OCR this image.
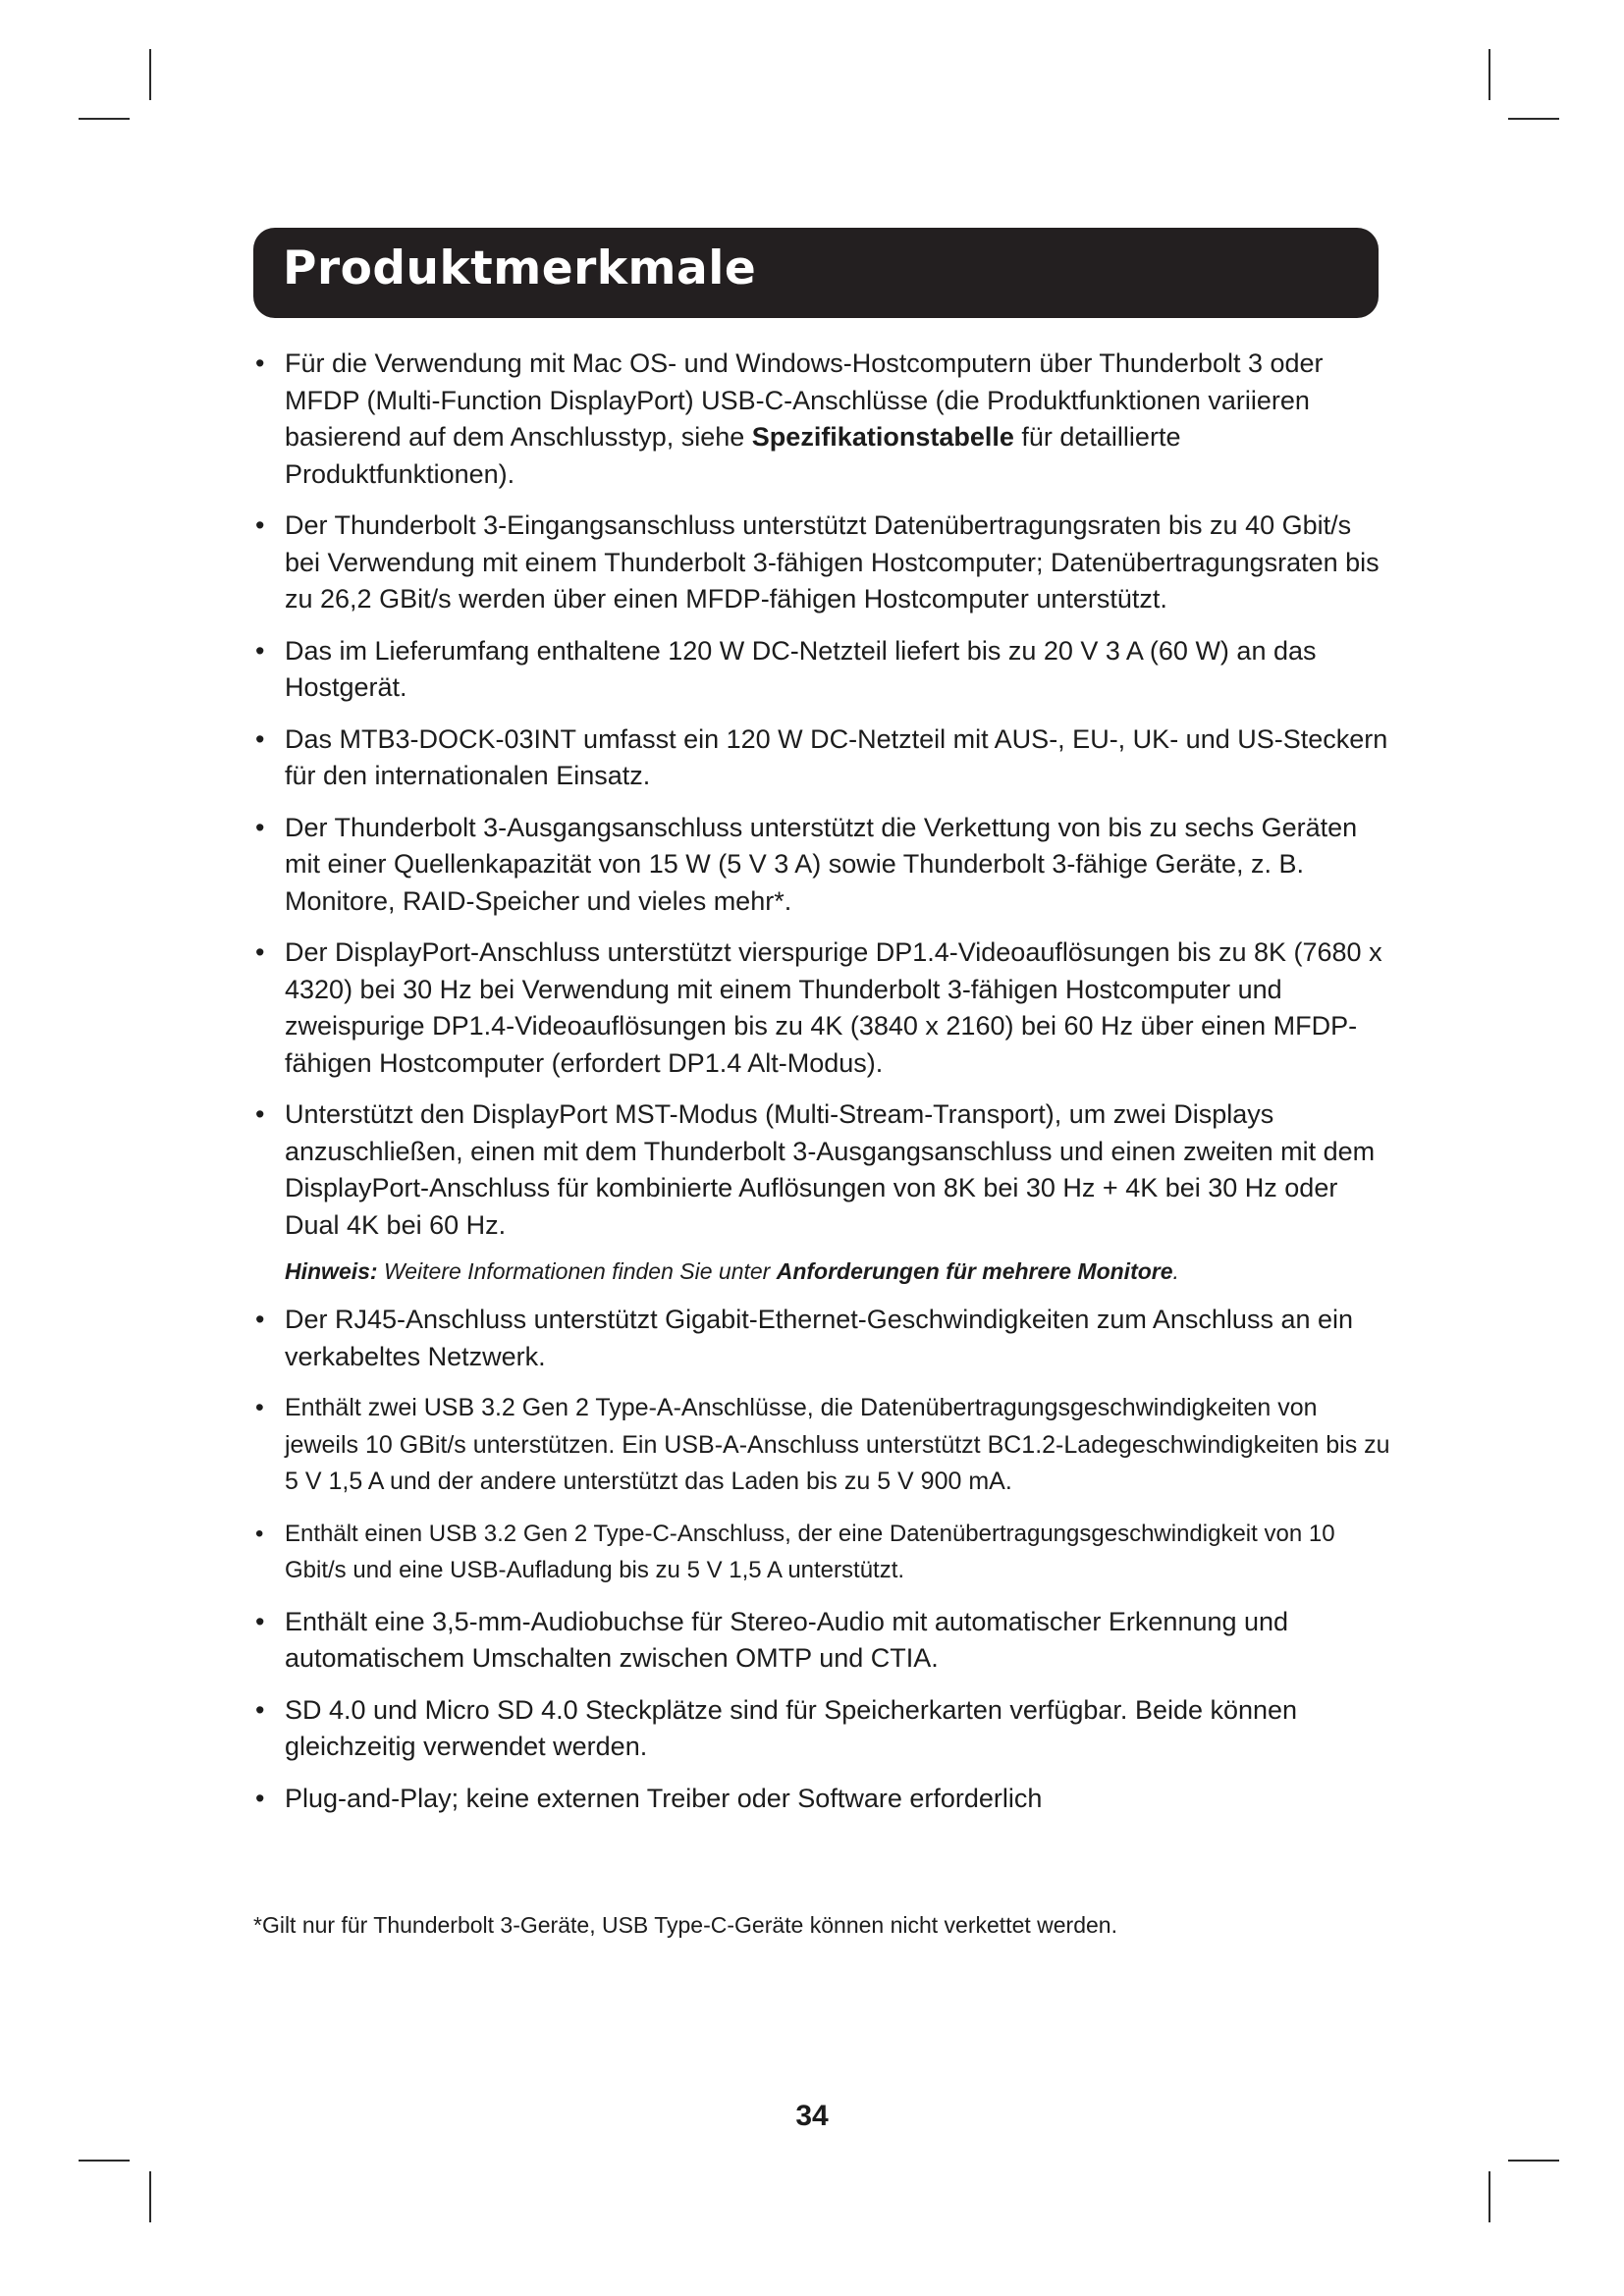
Produktmerkmale
• Für die Verwendung mit Mac OS- und Windows-Hostcomputern über Thunderbolt 3 oder MFDP (Multi-Function DisplayPort) USB-C-Anschlüsse (die Produktfunktionen variieren basierend auf dem Anschlusstyp, siehe Spezifikationstabelle für detaillierte Produktfunktionen).
• Der Thunderbolt 3-Eingangsanschluss unterstützt Datenübertragungsraten bis zu 40 Gbit/s bei Verwendung mit einem Thunderbolt 3-fähigen Hostcomputer; Datenübertragungsraten bis zu 26,2 GBit/s werden über einen MFDP-fähigen Hostcomputer unterstützt.
• Das im Lieferumfang enthaltene 120 W DC-Netzteil liefert bis zu 20 V 3 A (60 W) an das Hostgerät.
• Das MTB3-DOCK-03INT umfasst ein 120 W DC-Netzteil mit AUS-, EU-, UK- und US-Steckern für den internationalen Einsatz.
• Der Thunderbolt 3-Ausgangsanschluss unterstützt die Verkettung von bis zu sechs Geräten mit einer Quellenkapazität von 15 W (5 V 3 A) sowie Thunderbolt 3-fähige Geräte, z. B. Monitore, RAID-Speicher und vieles mehr*.
• Der DisplayPort-Anschluss unterstützt vierspurige DP1.4-Videoauflösungen bis zu 8K (7680 x 4320) bei 30 Hz bei Verwendung mit einem Thunderbolt 3-fähigen Hostcomputer und zweispurige DP1.4-Videoauflösungen bis zu 4K (3840 x 2160) bei 60 Hz über einen MFDP-fähigen Hostcomputer (erfordert DP1.4 Alt-Modus).
• Unterstützt den DisplayPort MST-Modus (Multi-Stream-Transport), um zwei Displays anzuschließen, einen mit dem Thunderbolt 3-Ausgangsanschluss und einen zweiten mit dem DisplayPort-Anschluss für kombinierte Auflösungen von 8K bei 30 Hz + 4K bei 30 Hz oder Dual 4K bei 60 Hz.
Hinweis: Weitere Informationen finden Sie unter Anforderungen für mehrere Monitore.
• Der RJ45-Anschluss unterstützt Gigabit-Ethernet-Geschwindigkeiten zum Anschluss an ein verkabeltes Netzwerk.
• Enthält zwei USB 3.2 Gen 2 Type-A-Anschlüsse, die Datenübertragungsgeschwindigkeiten von jeweils 10 GBit/s unterstützen. Ein USB-A-Anschluss unterstützt BC1.2-Ladegeschwindigkeiten bis zu 5 V 1,5 A und der andere unterstützt das Laden bis zu 5 V 900 mA.
• Enthält einen USB 3.2 Gen 2 Type-C-Anschluss, der eine Datenübertragungsgeschwindigkeit von 10 Gbit/s und eine USB-Aufladung bis zu 5 V 1,5 A unterstützt.
• Enthält eine 3,5-mm-Audiobuchse für Stereo-Audio mit automatischer Erkennung und automatischem Umschalten zwischen OMTP und CTIA.
• SD 4.0 und Micro SD 4.0 Steckplätze sind für Speicherkarten verfügbar. Beide können gleichzeitig verwendet werden.
• Plug-and-Play; keine externen Treiber oder Software erforderlich
*Gilt nur für Thunderbolt 3-Geräte, USB Type-C-Geräte können nicht verkettet werden.
34
